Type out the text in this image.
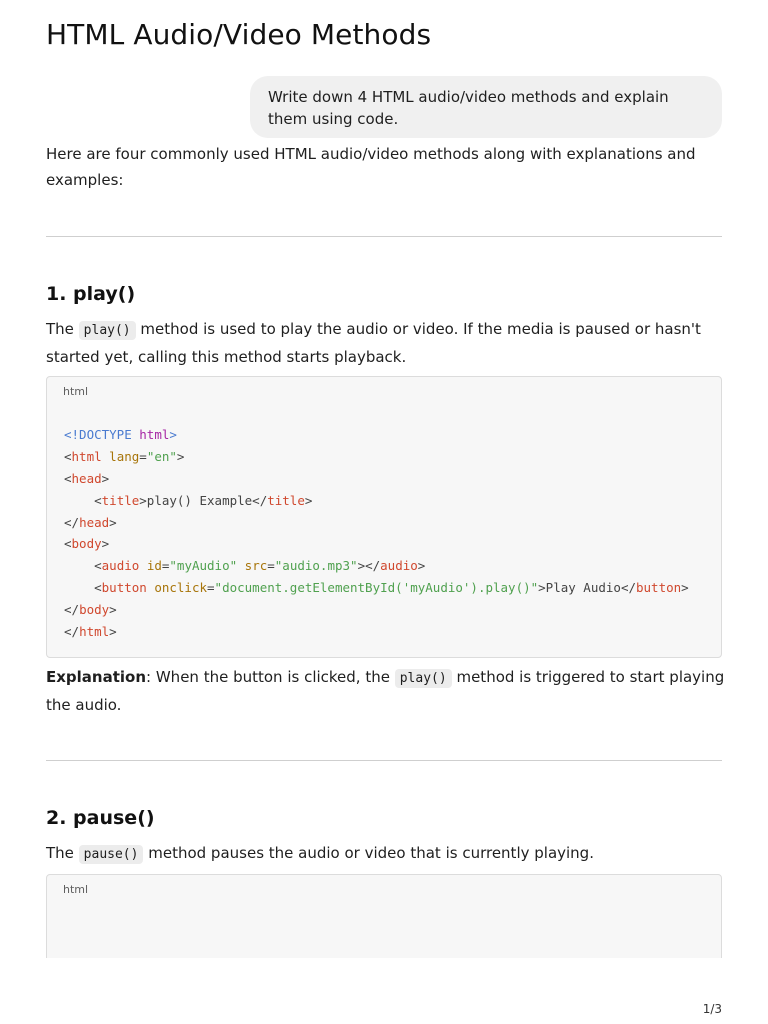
HTML Audio/Video Methods
Write down 4 HTML audio/video methods and explain them using code.

Here are four commonly used HTML audio/video methods along with explanations and examples:

1. play()

The play() method is used to play the audio or video. If the media is paused or hasn't started yet, calling this method starts playback.

html
<!DOCTYPE html>
<html lang="en">
<head>
<title>play() Example</title>
</head>
<body>
<audio id="myAudio" src="audio.mp3"></audio>
<button onclick="document.getElementById('myAudio').play()">Play Audio</button>
</body>
</html>

Explanation: When the button is clicked, the play() method is triggered to start playing the audio.

2. pause()

The pause() method pauses the audio or video that is currently playing.

html
1/3
